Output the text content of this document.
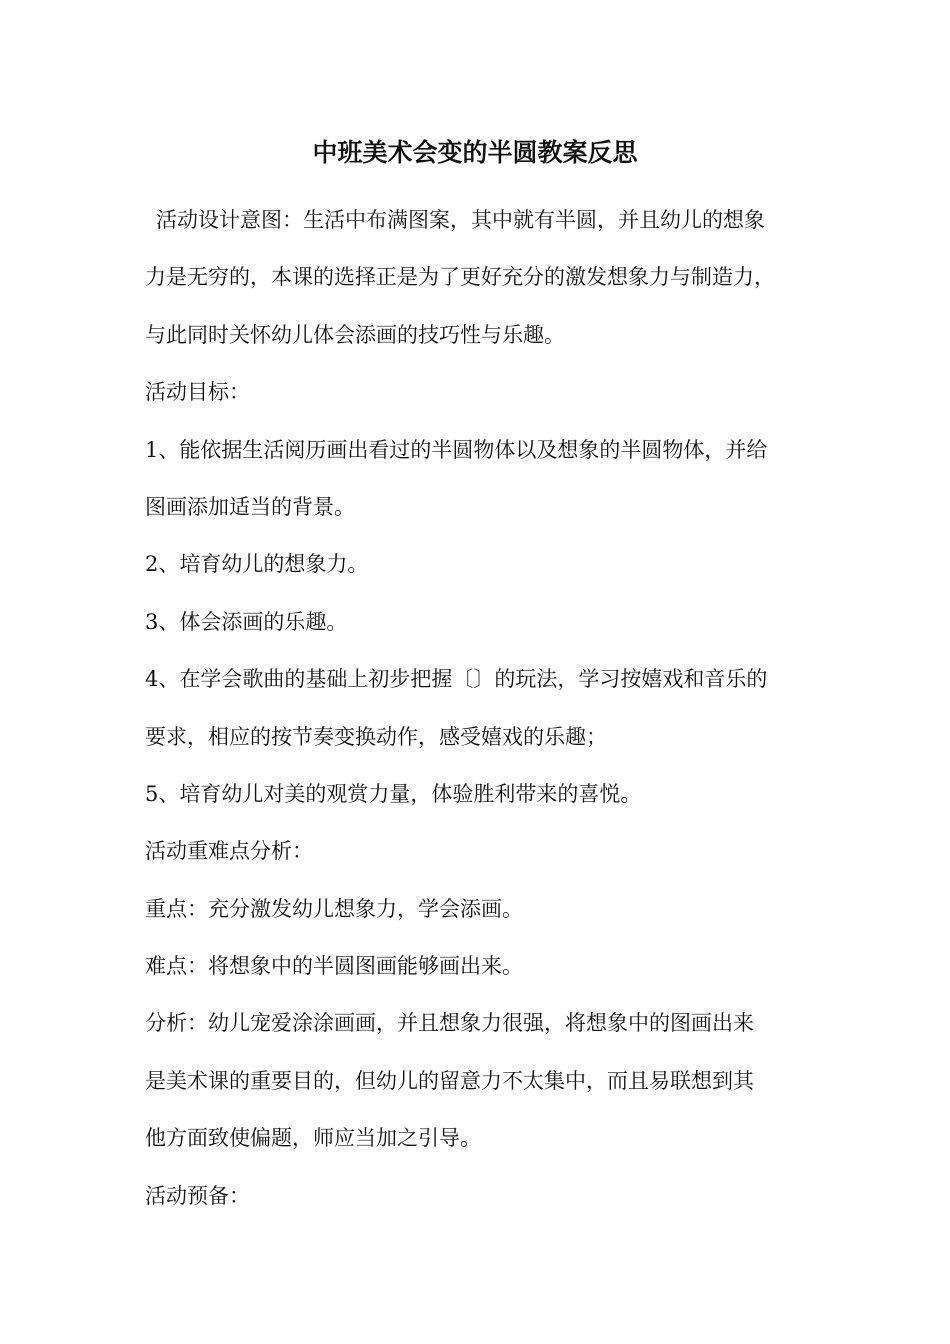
中班美术会变的半圆教案反思
活动设计意图：生活中布满图案，其中就有半圆，并且幼儿的想象
力是无穷的，本课的选择正是为了更好充分的激发想象力与制造力，
与此同时关怀幼儿体会添画的技巧性与乐趣。
活动目标：
1、能依据生活阅历画出看过的半圆物体以及想象的半圆物体，并给
图画添加适当的背景。
2、培育幼儿的想象力。
3、体会添画的乐趣。
4、在学会歌曲的基础上初步把握〔〕的玩法，学习按嬉戏和音乐的
要求，相应的按节奏变换动作，感受嬉戏的乐趣；
5、培育幼儿对美的观赏力量，体验胜利带来的喜悦。
活动重难点分析：
重点：充分激发幼儿想象力，学会添画。
难点：将想象中的半圆图画能够画出来。
分析：幼儿宠爱涂涂画画，并且想象力很强，将想象中的图画出来
是美术课的重要目的，但幼儿的留意力不太集中，而且易联想到其
他方面致使偏题，师应当加之引导。
活动预备：
